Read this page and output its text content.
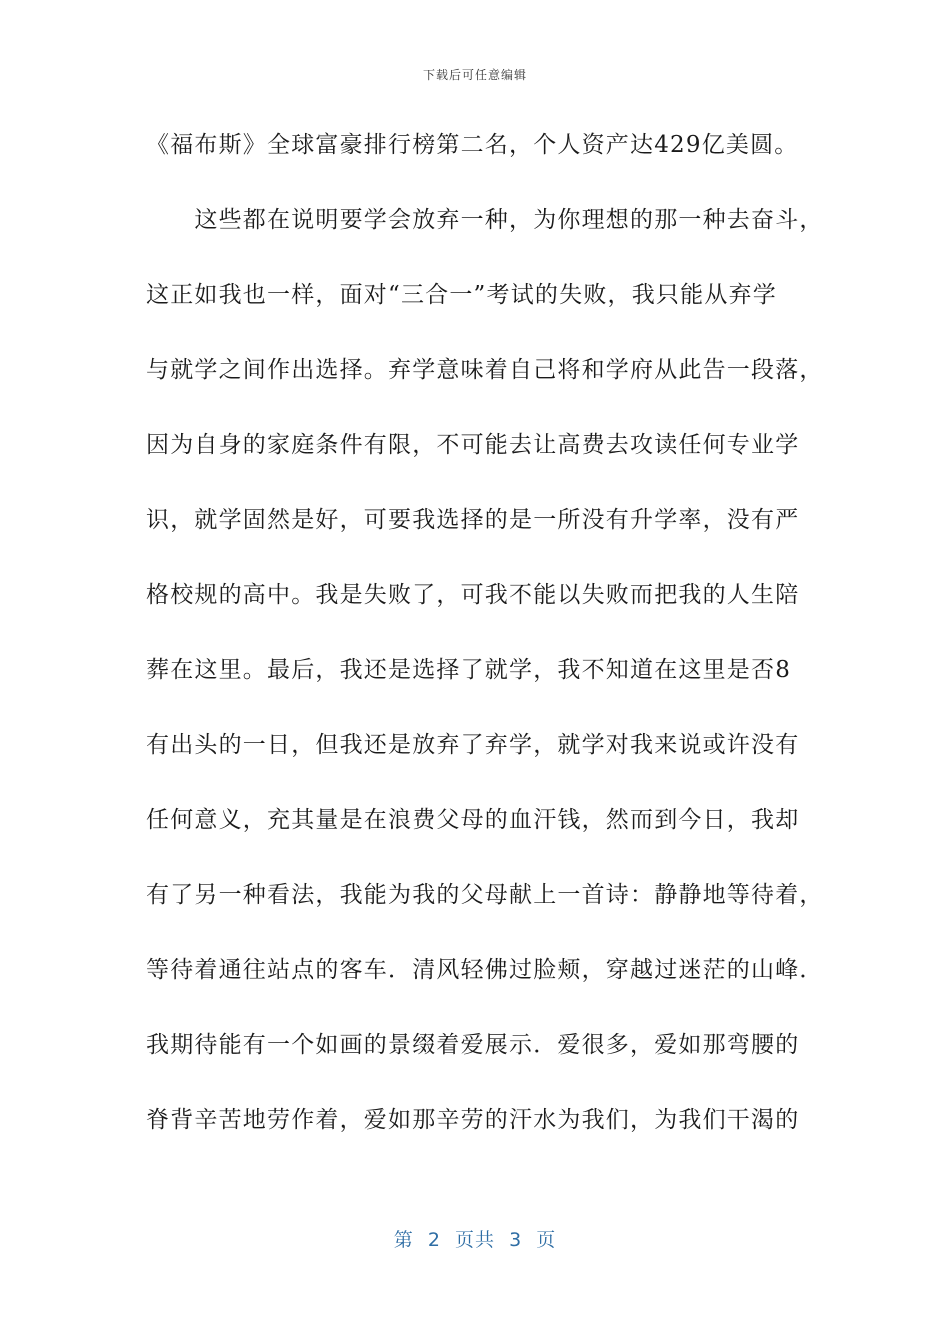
下载后可任意编辑
《福布斯》全球富豪排行榜第二名，个人资产达429亿美圆。
　　这些都在说明要学会放弃一种，为你理想的那一种去奋斗，
这正如我也一样，面对“三合一”考试的失败，我只能从弃学
与就学之间作出选择。弃学意味着自己将和学府从此告一段落，
因为自身的家庭条件有限，不可能去让高费去攻读任何专业学
识，就学固然是好，可要我选择的是一所没有升学率，没有严
格校规的高中。我是失败了，可我不能以失败而把我的人生陪
葬在这里。最后，我还是选择了就学，我不知道在这里是否8
有出头的一日，但我还是放弃了弃学，就学对我来说或许没有
任何意义，充其量是在浪费父母的血汗钱，然而到今日，我却
有了另一种看法，我能为我的父母献上一首诗：静静地等待着，
等待着通往站点的客车．清风轻佛过脸颊，穿越过迷茫的山峰．
我期待能有一个如画的景缀着爱展示．爱很多，爱如那弯腰的
脊背辛苦地劳作着，爱如那辛劳的汗水为我们，为我们干渴的
第  2  页共  3  页
